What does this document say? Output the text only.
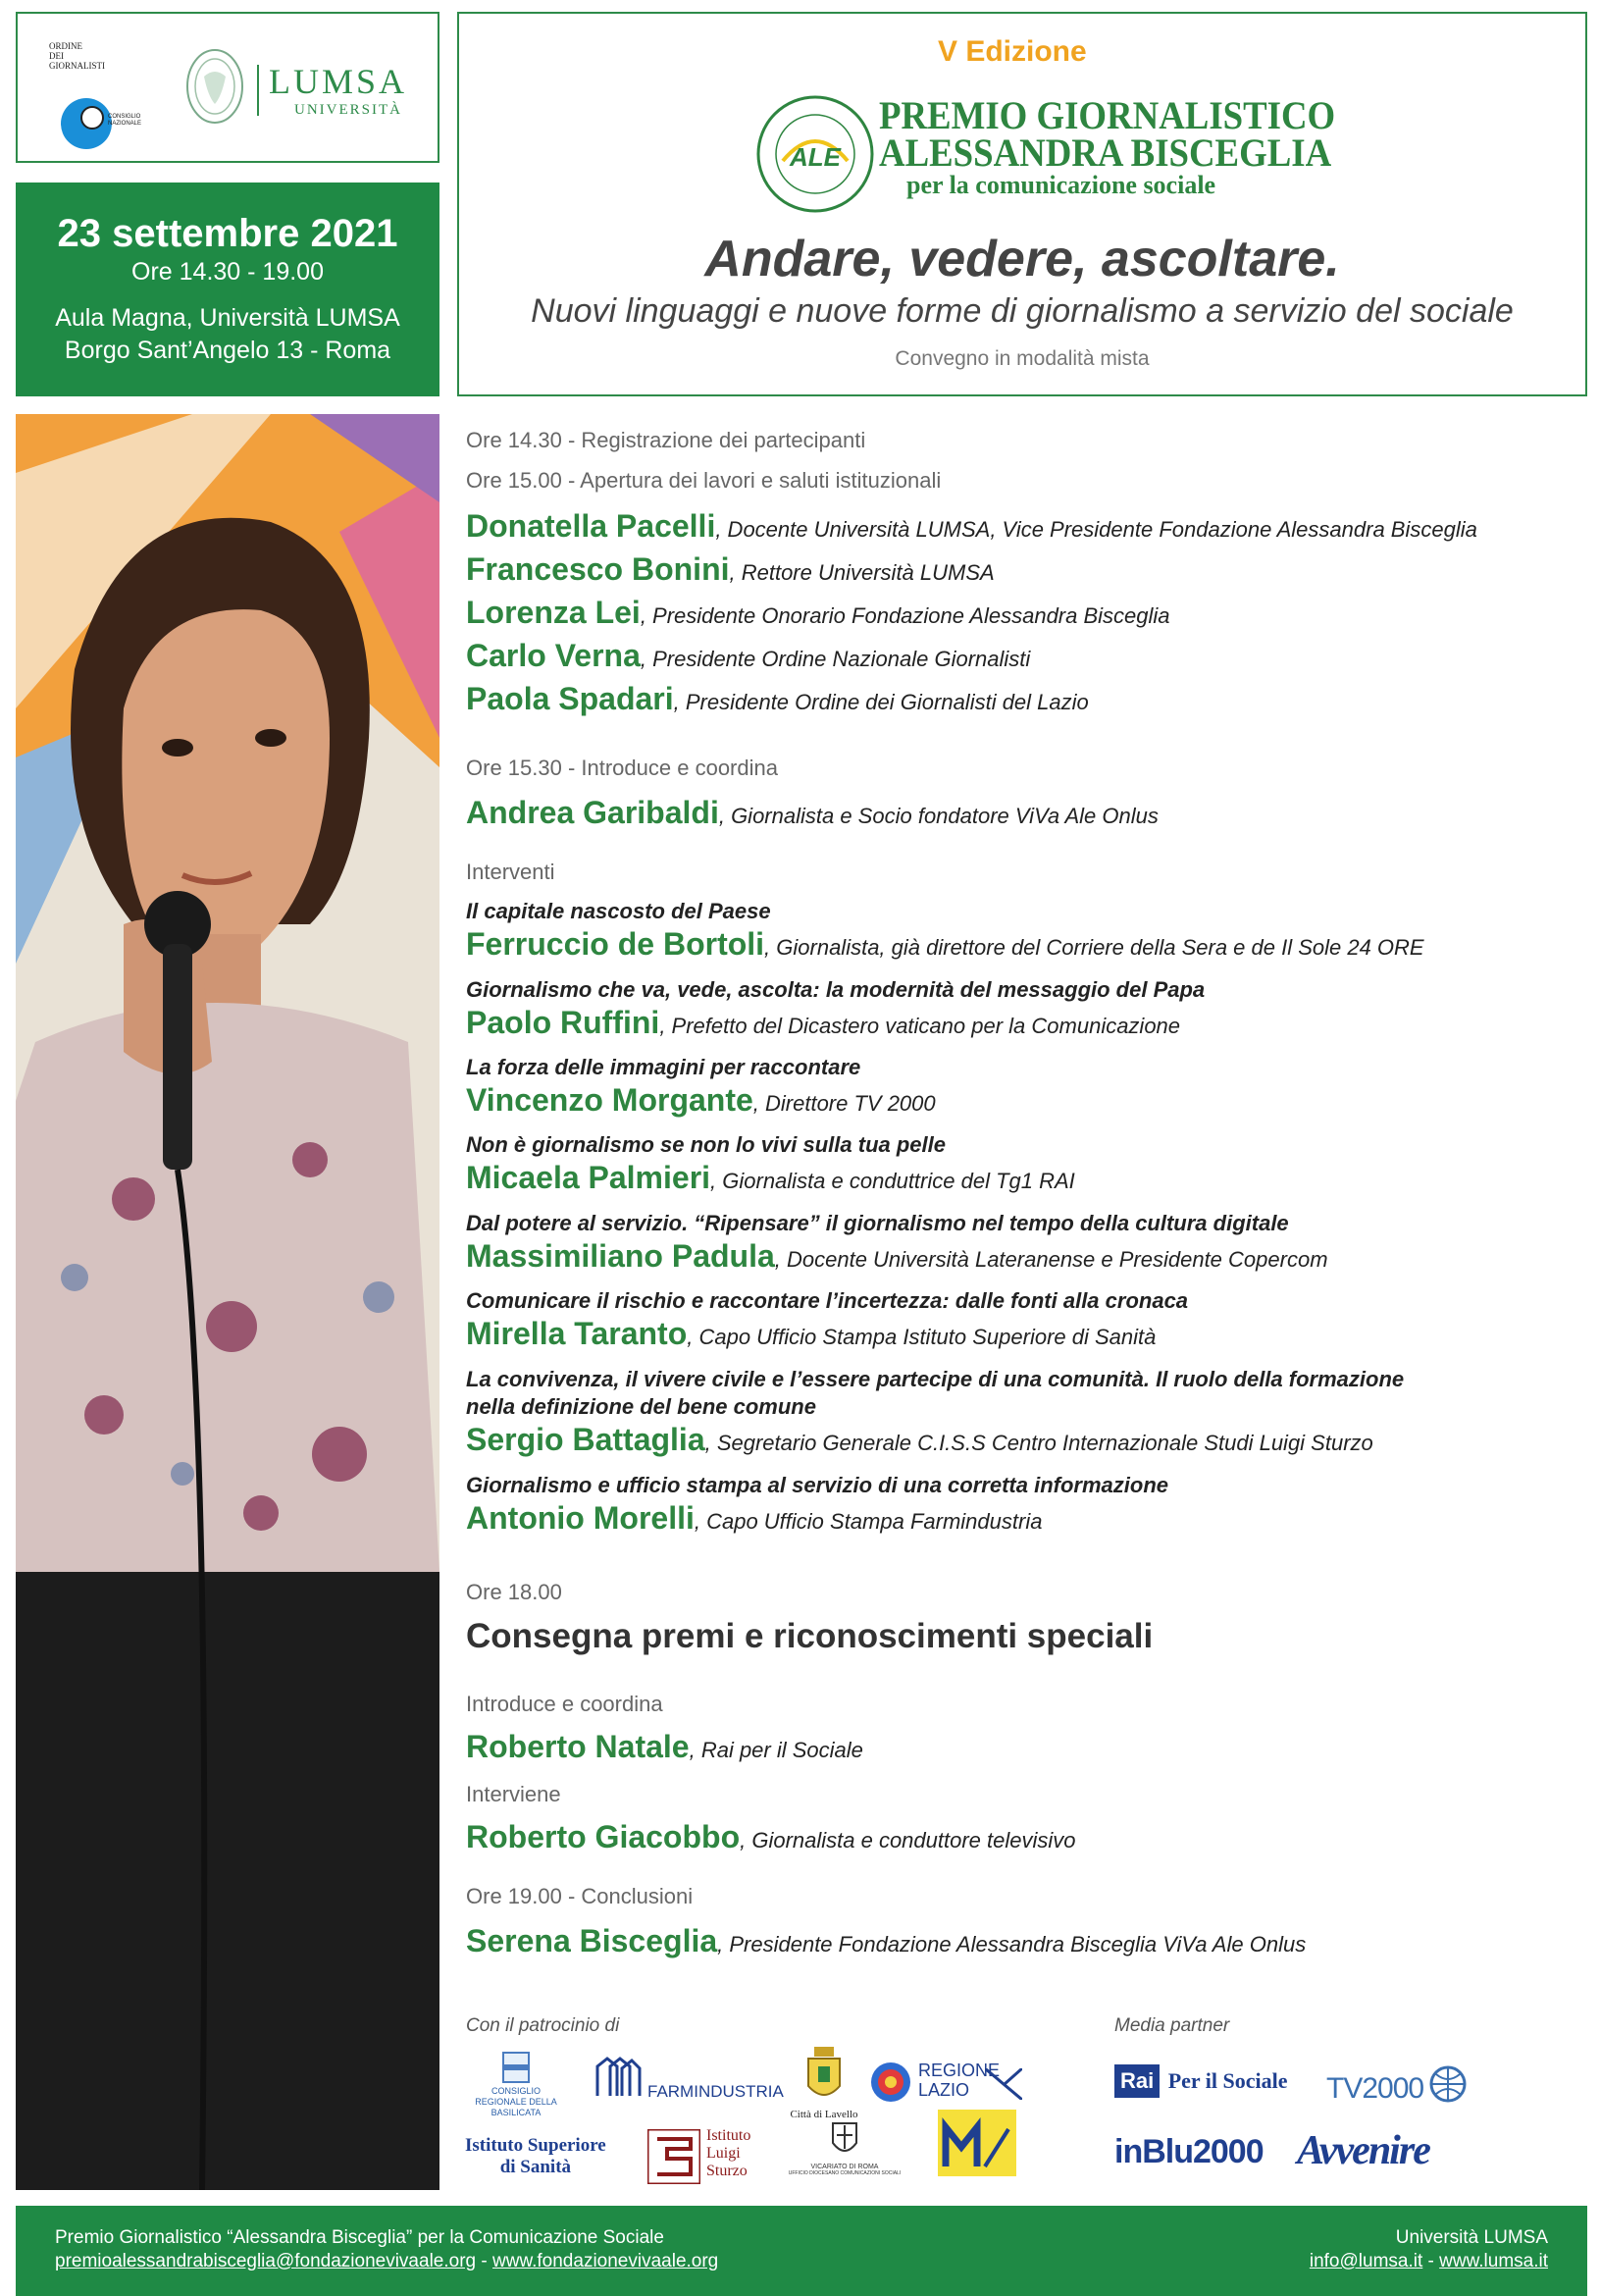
ORDINE
DEI
GIORNALISTI
CONSIGLIO
NAZIONALE
LUMSA
UNIVERSITÀ
23 settembre 2021
Ore 14.30 - 19.00
Aula Magna, Università LUMSA
Borgo Sant’Angelo 13 - Roma
V Edizione
ALE
PREMIO GIORNALISTICO
ALESSANDRA BISCEGLIA
per la comunicazione sociale
Andare, vedere, ascoltare.
Nuovi linguaggi e nuove forme di giornalismo a servizio del sociale
Convegno in modalità mista
Ore 14.30 - Registrazione dei partecipanti
Ore 15.00 - Apertura dei lavori e saluti istituzionali
Donatella Pacelli, Docente Università LUMSA, Vice Presidente Fondazione Alessandra Bisceglia
Francesco Bonini, Rettore Università LUMSA
Lorenza Lei, Presidente Onorario Fondazione Alessandra Bisceglia
Carlo Verna, Presidente Ordine Nazionale Giornalisti
Paola Spadari, Presidente Ordine dei Giornalisti del Lazio
Ore 15.30 - Introduce e coordina
Andrea Garibaldi, Giornalista e Socio fondatore ViVa Ale Onlus
Interventi
Il capitale nascosto del Paese
Ferruccio de Bortoli, Giornalista, già direttore del Corriere della Sera e de Il Sole 24 ORE
Giornalismo che va, vede, ascolta: la modernità del messaggio del Papa
Paolo Ruffini, Prefetto del Dicastero vaticano per la Comunicazione
La forza delle immagini per raccontare
Vincenzo Morgante, Direttore TV 2000
Non è giornalismo se non lo vivi sulla tua pelle
Micaela Palmieri, Giornalista e conduttrice del Tg1 RAI
Dal potere al servizio. “Ripensare” il giornalismo nel tempo della cultura digitale
Massimiliano Padula, Docente Università Lateranense e Presidente Copercom
Comunicare il rischio e raccontare l’incertezza: dalle fonti alla cronaca
Mirella Taranto, Capo Ufficio Stampa Istituto Superiore di Sanità
La convivenza, il vivere civile e l’essere partecipe di una comunità. Il ruolo della formazione
nella definizione del bene comune
Sergio Battaglia, Segretario Generale C.I.S.S Centro Internazionale Studi Luigi Sturzo
Giornalismo e ufficio stampa al servizio di una corretta informazione
Antonio Morelli, Capo Ufficio Stampa Farmindustria
Ore 18.00
Consegna premi e riconoscimenti speciali
Introduce e coordina
Roberto Natale, Rai per il Sociale
Interviene
Roberto Giacobbo, Giornalista e conduttore televisivo
Ore 19.00 - Conclusioni
Serena Bisceglia, Presidente Fondazione Alessandra Bisceglia ViVa Ale Onlus
Con il patrocinio di
CONSIGLIO REGIONALE DELLA BASILICATA
FARMINDUSTRIA
Città di Lavello
REGIONE
LAZIO
Istituto Superiore
di Sanità
Istituto
Luigi
Sturzo	VICARIATO DI ROMA
UFFICIO DIOCESANO COMUNICAZIONI SOCIALI
Media partner
Rai Per il Sociale TV2000
inBlu2000 Avvenire
Premio Giornalistico “Alessandra Bisceglia” per la Comunicazione Sociale
premioalessandrabisceglia@fondazionevivaale.org - www.fondazionevivaale.org
Università LUMSA
info@lumsa.it - www.lumsa.it
